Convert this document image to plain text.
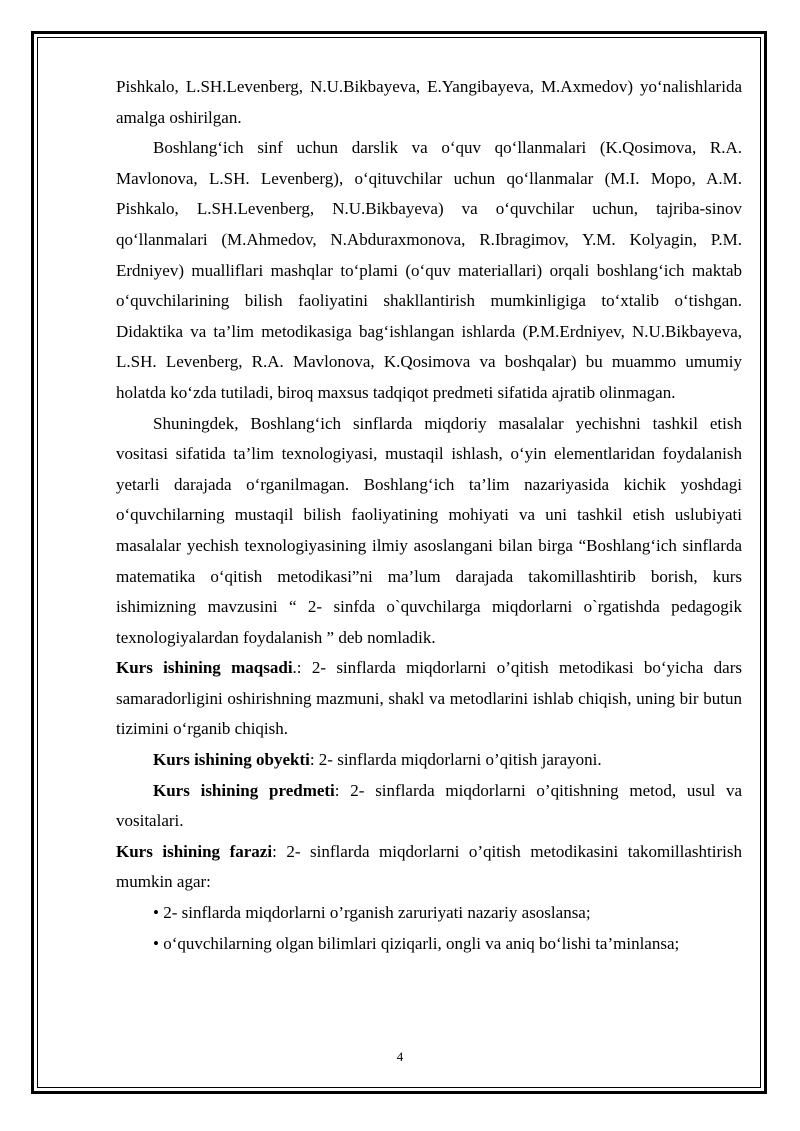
Pishkalo, L.SH.Levenberg, N.U.Bikbayeva, E.Yangibayeva, M.Axmedov) yo‘nalishlarida amalga oshirilgan.

Boshlang‘ich sinf uchun darslik va o‘quv qo‘llanmalari (K.Qosimova, R.A. Mavlonova, L.SH. Levenberg), o‘qituvchilar uchun qo‘llanmalar (M.I. Mopo, A.M. Pishkalo, L.SH.Levenberg, N.U.Bikbayeva) va o‘quvchilar uchun, tajriba-sinov qo‘llanmalari (M.Ahmedov, N.Abduraxmonova, R.Ibragimov, Y.M. Kolyagin, P.M. Erdniyev) mualliflari mashqlar to‘plami (o‘quv materiallari) orqali boshlang‘ich maktab o‘quvchilarining bilish faoliyatini shakllantirish mumkinligiga to‘xtalib o‘tishgan. Didaktika va ta’lim metodikasiga bag‘ishlangan ishlarda (P.M.Erdniyev, N.U.Bikbayeva, L.SH. Levenberg, R.A. Mavlonova, K.Qosimova va boshqalar) bu muammo umumiy holatda ko‘zda tutiladi, biroq maxsus tadqiqot predmeti sifatida ajratib olinmagan.

Shuningdek, Boshlang‘ich sinflarda miqdoriy masalalar yechishni tashkil etish vositasi sifatida ta’lim texnologiyasi, mustaqil ishlash, o‘yin elementlaridan foydalanish yetarli darajada o‘rganilmagan. Boshlang‘ich ta’lim nazariyasida kichik yoshdagi o‘quvchilarning mustaqil bilish faoliyatining mohiyati va uni tashkil etish uslubiyati masalalar yechish texnologiyasining ilmiy asoslangani bilan birga “Boshlang‘ich sinflarda matematika o‘qitish metodikasi”ni ma’lum darajada takomillashtirib borish, kurs ishimizning mavzusini “ 2- sinfda o`quvchilarga miqdorlarni o`rgatishda pedagogik texnologiyalardan foydalanish ” deb nomladik.

Kurs ishining maqsadi.: 2- sinflarda miqdorlarni o’qitish metodikasi bo‘yicha dars samaradorligini oshirishning mazmuni, shakl va metodlarini ishlab chiqish, uning bir butun tizimini o‘rganib chiqish.

Kurs ishining obyekti: 2- sinflarda miqdorlarni o’qitish jarayoni.

Kurs ishining predmeti: 2- sinflarda miqdorlarni o’qitishning metod, usul va vositalari.

Kurs ishining farazi: 2- sinflarda miqdorlarni o’qitish metodikasini takomillashtirish mumkin agar:

• 2- sinflarda miqdorlarni o’rganish zaruriyati nazariy asoslansa;

• o‘quvchilarning olgan bilimlari qiziqarli, ongli va aniq bo‘lishi ta’minlansa;

4
